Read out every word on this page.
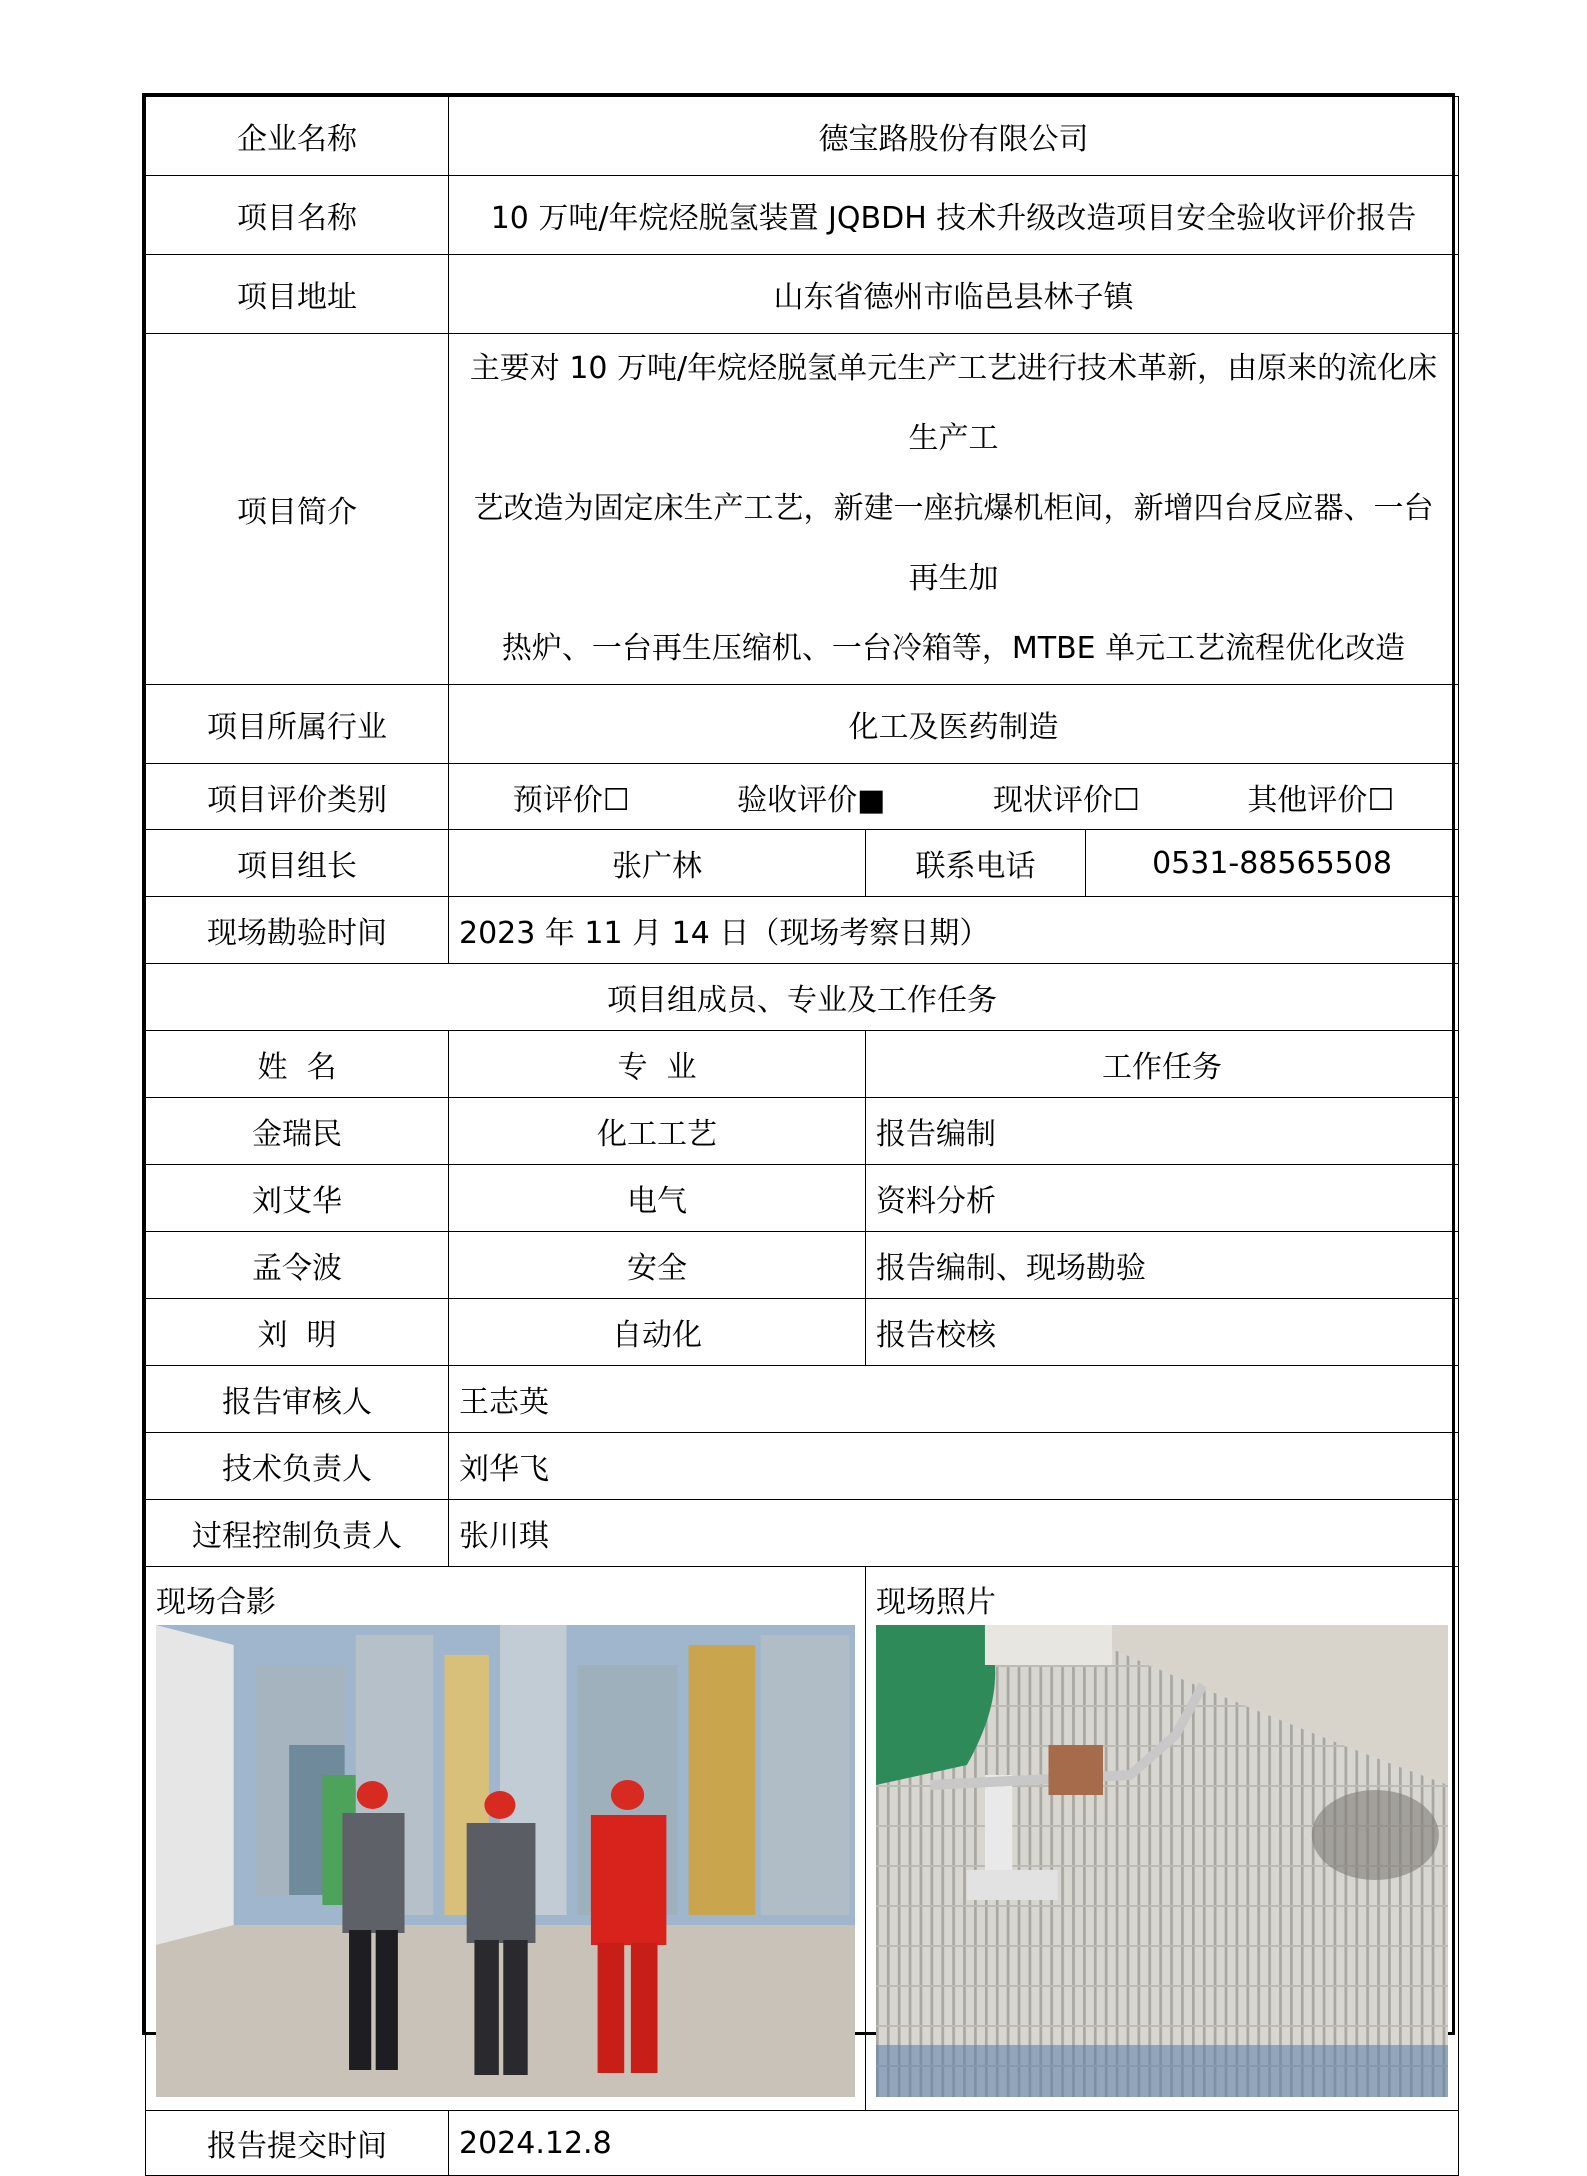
企业名称	德宝路股份有限公司		
项目名称	10 万吨/年烷烃脱氢装置 JQBDH 技术升级改造项目安全验收评价报告		
项目地址	山东省德州市临邑县林子镇		
项目简介	主要对 10 万吨/年烷烃脱氢单元生产工艺进行技术革新，由原来的流化床生产工
艺改造为固定床生产工艺，新建一座抗爆机柜间，新增四台反应器、一台再生加
热炉、一台再生压缩机、一台冷箱等，MTBE 单元工艺流程优化改造		

项目所属行业	化工及医药制造		
项目评价类别	预评价☐ 验收评价■ 现状评价☐ 其他评价☐		

项目组长	张广林	联系电话	0531-88565508
现场勘验时间	2023 年 11 月 14 日（现场考察日期）		
项目组成员、专业及工作任务			
姓  名	专  业	工作任务	
金瑞民	化工工艺	报告编制	
刘艾华	电气	资料分析	
孟令波	安全	报告编制、现场勘验	
刘  明	自动化	报告校核	
报告审核人	王志英		
技术负责人	刘华飞		
过程控制负责人	张川琪		

现场合影		现场照片	

报告提交时间	2024.12.8		
